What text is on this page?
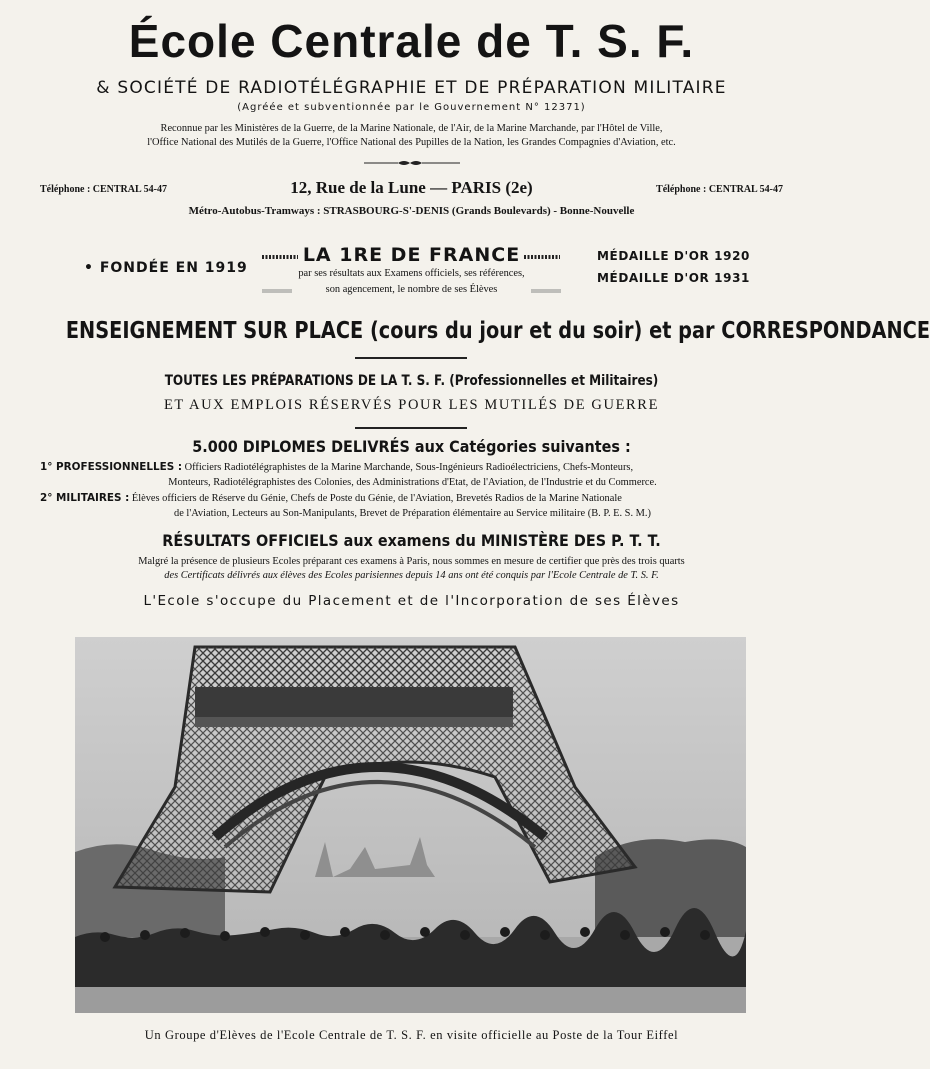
École Centrale de T. S. F.
& SOCIÉTÉ DE RADIOTÉLÉGRAPHIE ET DE PRÉPARATION MILITAIRE
(Agréée et subventionnée par le Gouvernement N° 12371)
Reconnue par les Ministères de la Guerre, de la Marine Nationale, de l'Air, de la Marine Marchande, par l'Hôtel de Ville,
l'Office National des Mutilés de la Guerre, l'Office National des Pupilles de la Nation, les Grandes Compagnies d'Aviation, etc.
Téléphone : CENTRAL 54-47	Téléphone : CENTRAL 54-47
12, Rue de la Lune — PARIS (2e)
Métro-Autobus-Tramways : STRASBOURG-S'-DENIS (Grands Boulevards) - Bonne-Nouvelle
• FONDÉE EN 1919
LA 1RE DE FRANCE
par ses résultats aux Examens officiels, ses références,
son agencement, le nombre de ses Élèves
MÉDAILLE D'OR 1920
MÉDAILLE D'OR 1931
ENSEIGNEMENT SUR PLACE (cours du jour et du soir) et par CORRESPONDANCE
TOUTES LES PRÉPARATIONS DE LA T. S. F. (Professionnelles et Militaires)
ET AUX EMPLOIS RÉSERVÉS POUR LES MUTILÉS DE GUERRE
5.000 DIPLOMES DELIVRÉS aux Catégories suivantes :

1° PROFESSIONNELLES : Officiers Radiotélégraphistes de la Marine Marchande, Sous-Ingénieurs Radioélectriciens, Chefs-Monteurs,

Monteurs, Radiotélégraphistes des Colonies, des Administrations d'Etat, de l'Aviation, de l'Industrie et du Commerce.

2° MILITAIRES : Élèves officiers de Réserve du Génie, Chefs de Poste du Génie, de l'Aviation, Brevetés Radios de la Marine Nationale

de l'Aviation, Lecteurs au Son-Manipulants, Brevet de Préparation élémentaire au Service militaire (B. P. E. S. M.)

RÉSULTATS OFFICIELS aux examens du MINISTÈRE DES P. T. T.
Malgré la présence de plusieurs Ecoles préparant ces examens à Paris, nous sommes en mesure de certifier que près des trois quarts
des Certificats délivrés aux élèves des Ecoles parisiennes depuis 14 ans ont été conquis par l'Ecole Centrale de T. S. F.
L'Ecole s'occupe du Placement et de l'Incorporation de ses Élèves
Un Groupe d'Elèves de l'Ecole Centrale de T. S. F. en visite officielle au Poste de la Tour Eiffel
